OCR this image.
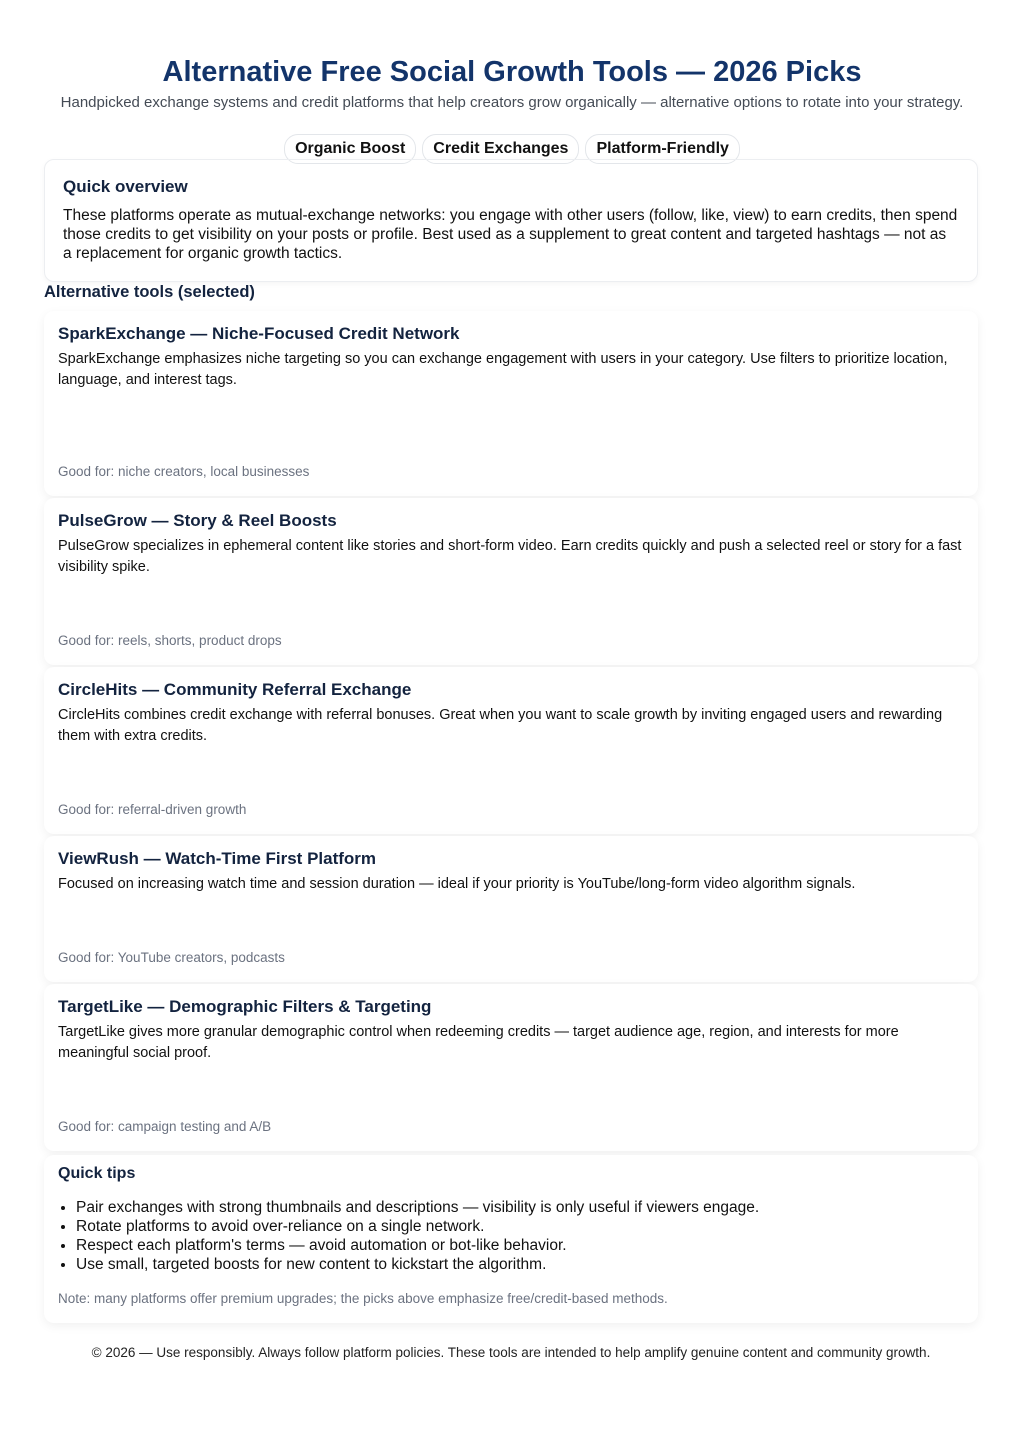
Alternative Free Social Growth Tools — 2026 Picks

Handpicked exchange systems and credit platforms that help creators grow organically — alternative options to rotate into your strategy.

Organic Boost	Credit Exchanges	Platform-Friendly
Quick overview

These platforms operate as mutual-exchange networks: you engage with other users (follow, like, view) to earn credits, then spend those credits to get visibility on your posts or profile. Best used as a supplement to great content and targeted hashtags — not as a replacement for organic growth tactics.

Alternative tools (selected)
SparkExchange — Niche-Focused Credit Network

SparkExchange emphasizes niche targeting so you can exchange engagement with users in your category. Use filters to prioritize location, language, and interest tags.

Good for: niche creators, local businesses
PulseGrow — Story & Reel Boosts

PulseGrow specializes in ephemeral content like stories and short-form video. Earn credits quickly and push a selected reel or story for a fast visibility spike.

Good for: reels, shorts, product drops
CircleHits — Community Referral Exchange

CircleHits combines credit exchange with referral bonuses. Great when you want to scale growth by inviting engaged users and rewarding them with extra credits.

Good for: referral-driven growth
ViewRush — Watch-Time First Platform

Focused on increasing watch time and session duration — ideal if your priority is YouTube/long-form video algorithm signals.

Good for: YouTube creators, podcasts
TargetLike — Demographic Filters & Targeting

TargetLike gives more granular demographic control when redeeming credits — target audience age, region, and interests for more meaningful social proof.

Good for: campaign testing and A/B
Quick tips
• Pair exchanges with strong thumbnails and descriptions — visibility is only useful if viewers engage.
• Rotate platforms to avoid over-reliance on a single network.
• Respect each platform's terms — avoid automation or bot-like behavior.
• Use small, targeted boosts for new content to kickstart the algorithm.

Note: many platforms offer premium upgrades; the picks above emphasize free/credit-based methods.

© 2026 — Use responsibly. Always follow platform policies. These tools are intended to help amplify genuine content and community growth.
